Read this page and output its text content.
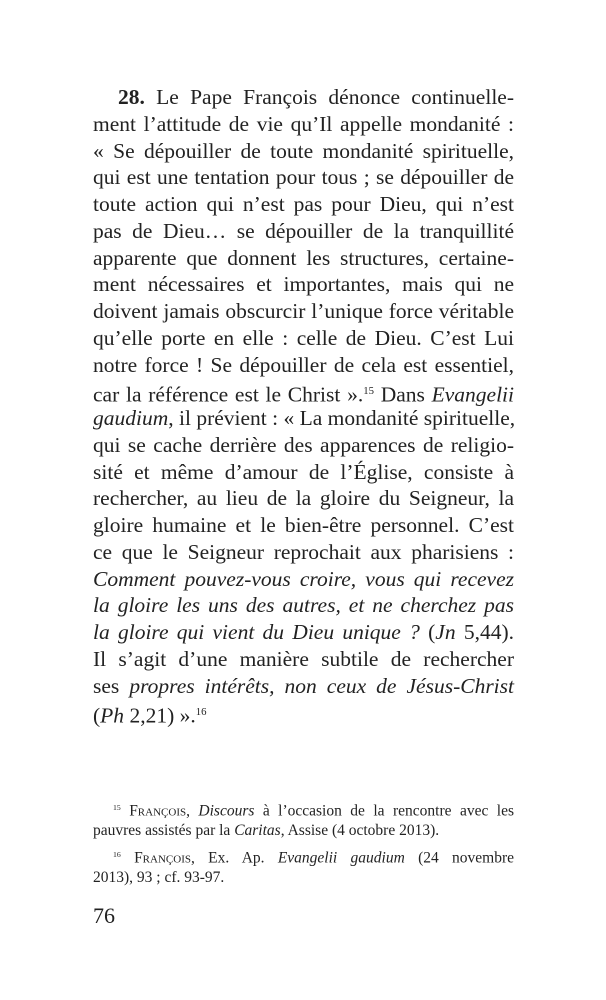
28. Le Pape François dénonce continuelle-
ment l’attitude de vie qu’Il appelle mondanité :
« Se dépouiller de toute mondanité spirituelle,
qui est une tentation pour tous ; se dépouiller de
toute action qui n’est pas pour Dieu, qui n’est
pas de Dieu… se dépouiller de la tranquillité
apparente que donnent les structures, certaine-
ment nécessaires et importantes, mais qui ne
doivent jamais obscurcir l’unique force véritable
qu’elle porte en elle : celle de Dieu. C’est Lui
notre force ! Se dépouiller de cela est essentiel,
car la référence est le Christ ».$^{15}$ Dans Evangelii
gaudium, il prévient : « La mondanité spirituelle,
qui se cache derrière des apparences de religio-
sité et même d’amour de l’Église, consiste à
rechercher, au lieu de la gloire du Seigneur, la
gloire humaine et le bien-être personnel. C’est
ce que le Seigneur reprochait aux pharisiens :
Comment pouvez-vous croire, vous qui recevez
la gloire les uns des autres, et ne cherchez pas
la gloire qui vient du Dieu unique ? (Jn 5,44).
Il s’agit d’une manière subtile de rechercher
ses propres intérêts, non ceux de Jésus-Christ
(Ph 2,21) ».$^{16}$
$^{15}$ François, Discours à l’occasion de la rencontre avec les
pauvres assistés par la Caritas, Assise (4 octobre 2013).
$^{16}$ François, Ex. Ap. Evangelii gaudium (24 novembre
2013), 93 ; cf. 93-97.
76
